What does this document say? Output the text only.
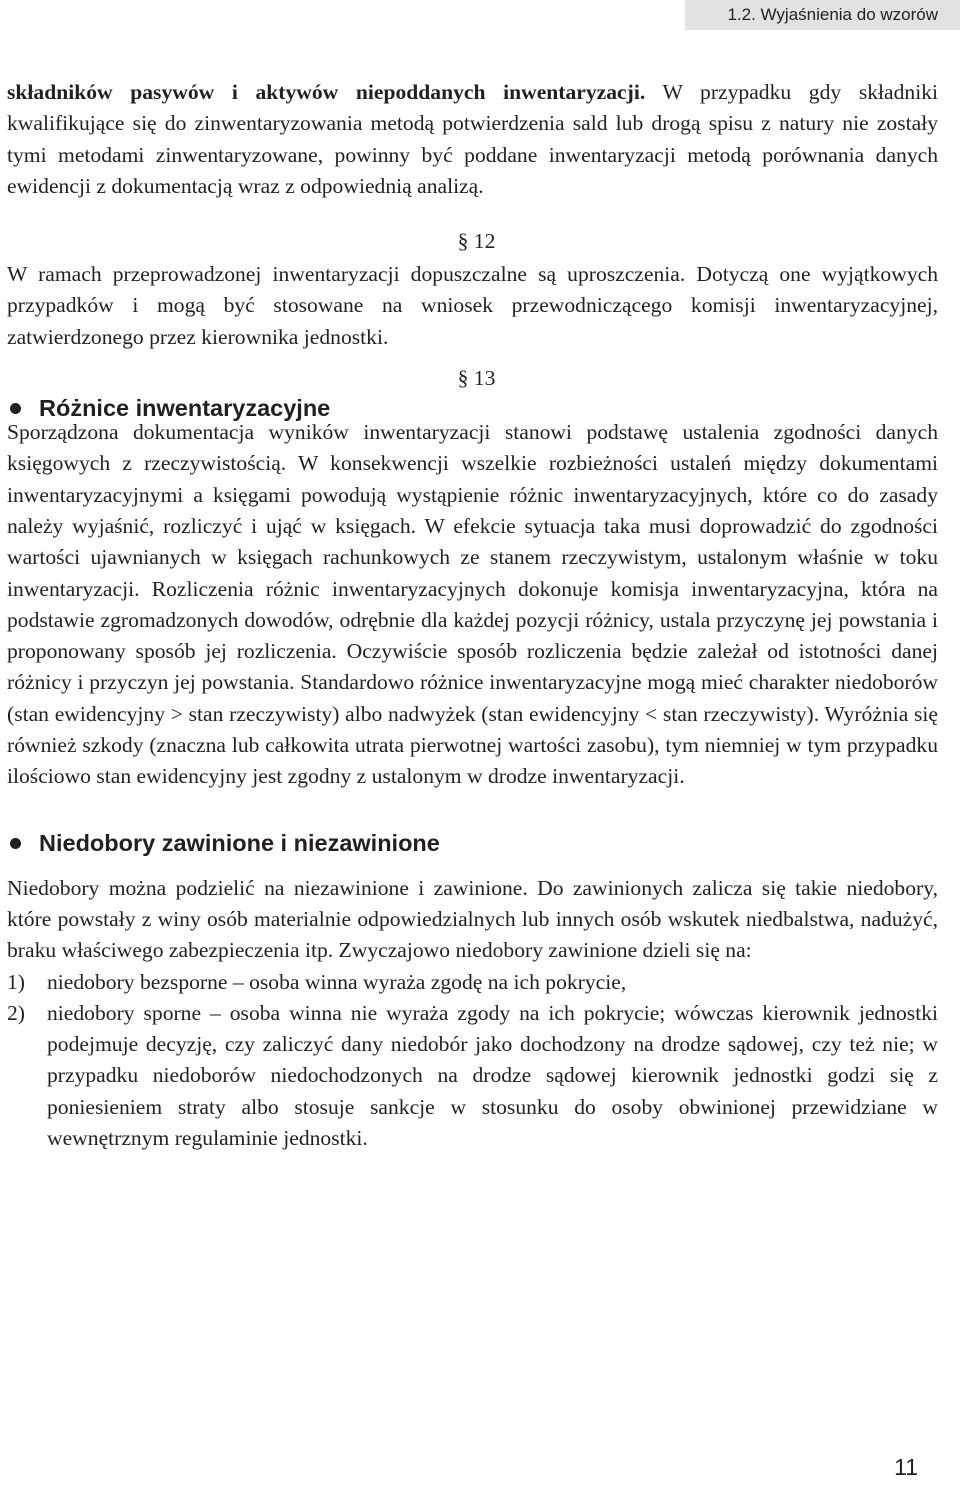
1.2. Wyjaśnienia do wzorów

składników pasywów i aktywów niepoddanych inwentaryzacji. W przypadku gdy składniki kwalifikujące się do zinwentaryzowania metodą potwierdzenia sald lub drogą spisu z natury nie zostały tymi metodami zinwentaryzowane, powinny być poddane inwentaryzacji metodą porównania danych ewidencji z dokumentacją wraz z odpowiednią analizą.

§ 12

W ramach przeprowadzonej inwentaryzacji dopuszczalne są uproszczenia. Dotyczą one wyjątkowych przypadków i mogą być stosowane na wniosek przewodniczącego komisji inwentaryzacyjnej, zatwierdzonego przez kierownika jednostki.

§ 13
Różnice inwentaryzacyjne

Sporządzona dokumentacja wyników inwentaryzacji stanowi podstawę ustalenia zgodności danych księgowych z rzeczywistością. W konsekwencji wszelkie rozbieżności ustaleń między dokumentami inwentaryzacyjnymi a księgami powodują wystąpienie różnic inwentaryzacyjnych, które co do zasady należy wyjaśnić, rozliczyć i ująć w księgach. W efekcie sytuacja taka musi doprowadzić do zgodności wartości ujawnianych w księgach rachunkowych ze stanem rzeczywistym, ustalonym właśnie w toku inwentaryzacji. Rozliczenia różnic inwentaryzacyjnych dokonuje komisja inwentaryzacyjna, która na podstawie zgromadzonych dowodów, odrębnie dla każdej pozycji różnicy, ustala przyczynę jej powstania i proponowany sposób jej rozliczenia. Oczywiście sposób rozliczenia będzie zależał od istotności danej różnicy i przyczyn jej powstania. Standardowo różnice inwentaryzacyjne mogą mieć charakter niedoborów (stan ewidencyjny > stan rzeczywisty) albo nadwyżek (stan ewidencyjny < stan rzeczywisty). Wyróżnia się również szkody (znaczna lub całkowita utrata pierwotnej wartości zasobu), tym niemniej w tym przypadku ilościowo stan ewidencyjny jest zgodny z ustalonym w drodze inwentaryzacji.

Niedobory zawinione i niezawinione

Niedobory można podzielić na niezawinione i zawinione. Do zawinionych zalicza się takie niedobory, które powstały z winy osób materialnie odpowiedzialnych lub innych osób wskutek niedbalstwa, nadużyć, braku właściwego zabezpieczenia itp. Zwyczajowo niedobory zawinione dzieli się na:

1)	niedobory bezsporne – osoba winna wyraża zgodę na ich pokrycie,
2)	niedobory sporne – osoba winna nie wyraża zgody na ich pokrycie; wówczas kierownik jednostki podejmuje decyzję, czy zaliczyć dany niedobór jako dochodzony na drodze sądowej, czy też nie; w przypadku niedoborów niedochodzonych na drodze sądowej kierownik jednostki godzi się z poniesieniem straty albo stosuje sankcje w stosunku do osoby obwinionej przewidziane w wewnętrznym regulaminie jednostki.
11
